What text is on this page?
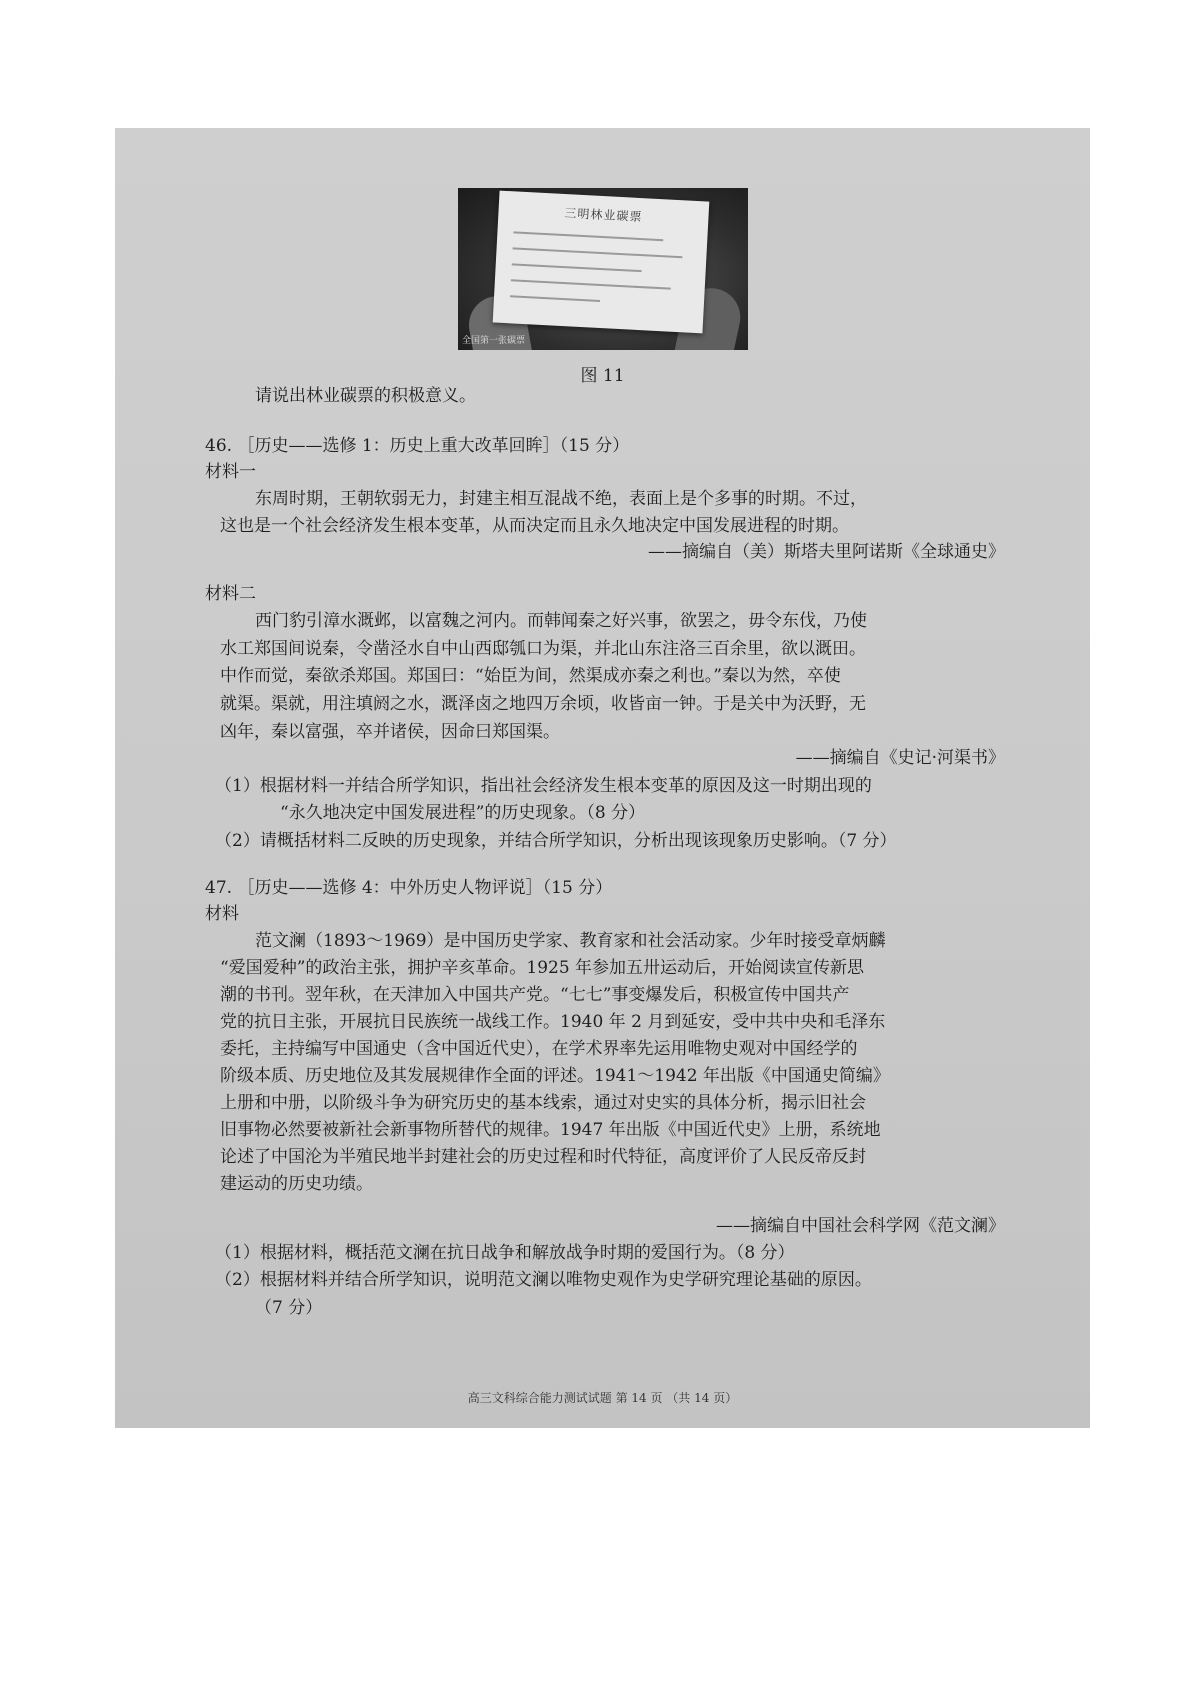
三明林业碳票
全国第一张碳票
图 11
请说出林业碳票的积极意义。
46. ［历史——选修 1：历史上重大改革回眸］（15 分）
材料一
东周时期，王朝软弱无力，封建主相互混战不绝，表面上是个多事的时期。不过，
这也是一个社会经济发生根本变革，从而决定而且永久地决定中国发展进程的时期。
——摘编自（美）斯塔夫里阿诺斯《全球通史》
材料二
西门豹引漳水溉邺，以富魏之河内。而韩闻秦之好兴事，欲罢之，毋令东伐，乃使
水工郑国间说秦，令凿泾水自中山西邸瓠口为渠，并北山东注洛三百余里，欲以溉田。
中作而觉，秦欲杀郑国。郑国曰：“始臣为间，然渠成亦秦之利也。”秦以为然，卒使
就渠。渠就，用注填阏之水，溉泽卤之地四万余顷，收皆亩一钟。于是关中为沃野，无
凶年，秦以富强，卒并诸侯，因命曰郑国渠。
——摘编自《史记·河渠书》
（1）根据材料一并结合所学知识，指出社会经济发生根本变革的原因及这一时期出现的
“永久地决定中国发展进程”的历史现象。（8 分）
（2）请概括材料二反映的历史现象，并结合所学知识，分析出现该现象历史影响。（7 分）
47. ［历史——选修 4：中外历史人物评说］（15 分）
材料
范文澜（1893～1969）是中国历史学家、教育家和社会活动家。少年时接受章炳麟
“爱国爱种”的政治主张，拥护辛亥革命。1925 年参加五卅运动后，开始阅读宣传新思
潮的书刊。翌年秋，在天津加入中国共产党。“七七”事变爆发后，积极宣传中国共产
党的抗日主张，开展抗日民族统一战线工作。1940 年 2 月到延安，受中共中央和毛泽东
委托，主持编写中国通史（含中国近代史），在学术界率先运用唯物史观对中国经学的
阶级本质、历史地位及其发展规律作全面的评述。1941～1942 年出版《中国通史简编》
上册和中册，以阶级斗争为研究历史的基本线索，通过对史实的具体分析，揭示旧社会
旧事物必然要被新社会新事物所替代的规律。1947 年出版《中国近代史》上册，系统地
论述了中国沦为半殖民地半封建社会的历史过程和时代特征，高度评价了人民反帝反封
建运动的历史功绩。
——摘编自中国社会科学网《范文澜》
（1）根据材料，概括范文澜在抗日战争和解放战争时期的爱国行为。（8 分）
（2）根据材料并结合所学知识，说明范文澜以唯物史观作为史学研究理论基础的原因。
（7 分）
高三文科综合能力测试试题 第 14 页 （共 14 页）
